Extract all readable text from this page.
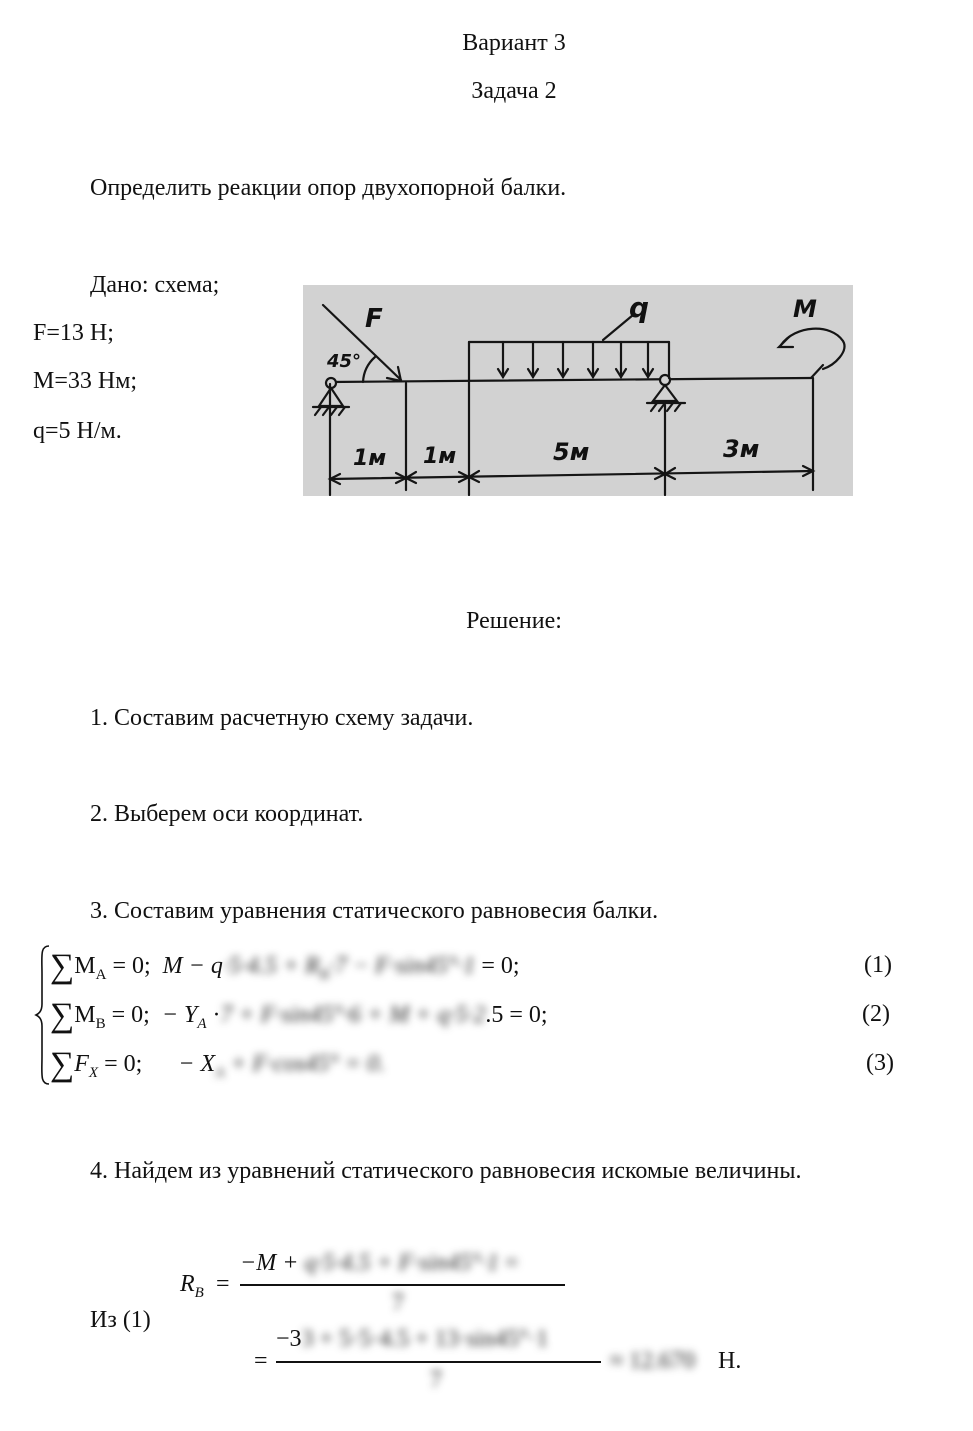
Вариант 3
Задача 2
Определить реакции опор двухопорной балки.
Дано: схема;
F=13 Н;
M=33 Нм;
q=5 Н/м.
F
45°
q	M
1м 1м	5м	3м
Решение:
1. Составим расчетную схему задачи.
2. Выберем оси координат.
3. Составим уравнения статического равновесия балки.
$\sum M_A = 0$; $M - q\cdot 5\cdot 4.5 + R_B\cdot 7 - F\cdot\sin 45^\circ\cdot 1 = 0$;	(1)
$\sum M_B = 0$; − $Y_A \cdot 7 + F\cdot\sin 45^\circ\cdot 6 + M + q\cdot 5\cdot 2.5 = 0$;	(2)
$\sum F_X = 0$; − $X_A + F\cdot\cos 45^\circ = 0$.	(3)
4. Найдем из уравнений статического равновесия искомые величины.
Из (1)
$R_B$ =
−M + q·5·4.5 + F·sin45°·1 =
7
=
−33 + 5·5·4.5 + 13·sin45°·1
7
≈ 12.670 Н.
